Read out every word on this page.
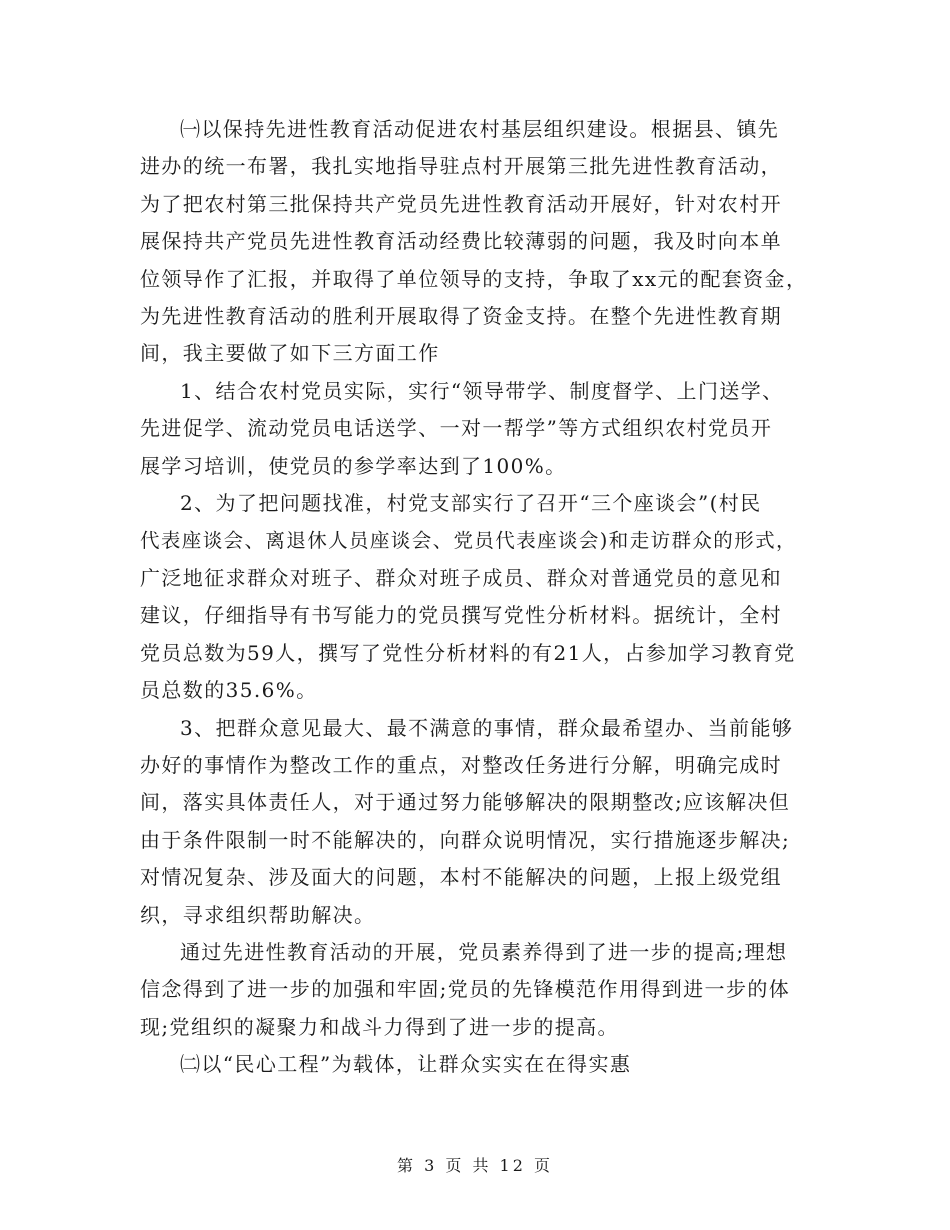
㈠以保持先进性教育活动促进农村基层组织建设。根据县、镇先
进办的统一布署，我扎实地指导驻点村开展第三批先进性教育活动，
为了把农村第三批保持共产党员先进性教育活动开展好，针对农村开
展保持共产党员先进性教育活动经费比较薄弱的问题，我及时向本单
位领导作了汇报，并取得了单位领导的支持，争取了xx元的配套资金，
为先进性教育活动的胜利开展取得了资金支持。在整个先进性教育期
间，我主要做了如下三方面工作

1、结合农村党员实际，实行“领导带学、制度督学、上门送学、
先进促学、流动党员电话送学、一对一帮学”等方式组织农村党员开
展学习培训，使党员的参学率达到了100%。

2、为了把问题找准，村党支部实行了召开“三个座谈会”(村民
代表座谈会、离退休人员座谈会、党员代表座谈会)和走访群众的形式，
广泛地征求群众对班子、群众对班子成员、群众对普通党员的意见和
建议，仔细指导有书写能力的党员撰写党性分析材料。据统计，全村
党员总数为59人，撰写了党性分析材料的有21人，占参加学习教育党
员总数的35.6%。

3、把群众意见最大、最不满意的事情，群众最希望办、当前能够
办好的事情作为整改工作的重点，对整改任务进行分解，明确完成时
间，落实具体责任人，对于通过努力能够解决的限期整改;应该解决但
由于条件限制一时不能解决的，向群众说明情况，实行措施逐步解决;
对情况复杂、涉及面大的问题，本村不能解决的问题，上报上级党组
织，寻求组织帮助解决。

通过先进性教育活动的开展，党员素养得到了进一步的提高;理想
信念得到了进一步的加强和牢固;党员的先锋模范作用得到进一步的体
现;党组织的凝聚力和战斗力得到了进一步的提高。

㈡以“民心工程”为载体，让群众实实在在得实惠

第 3 页 共 12 页
